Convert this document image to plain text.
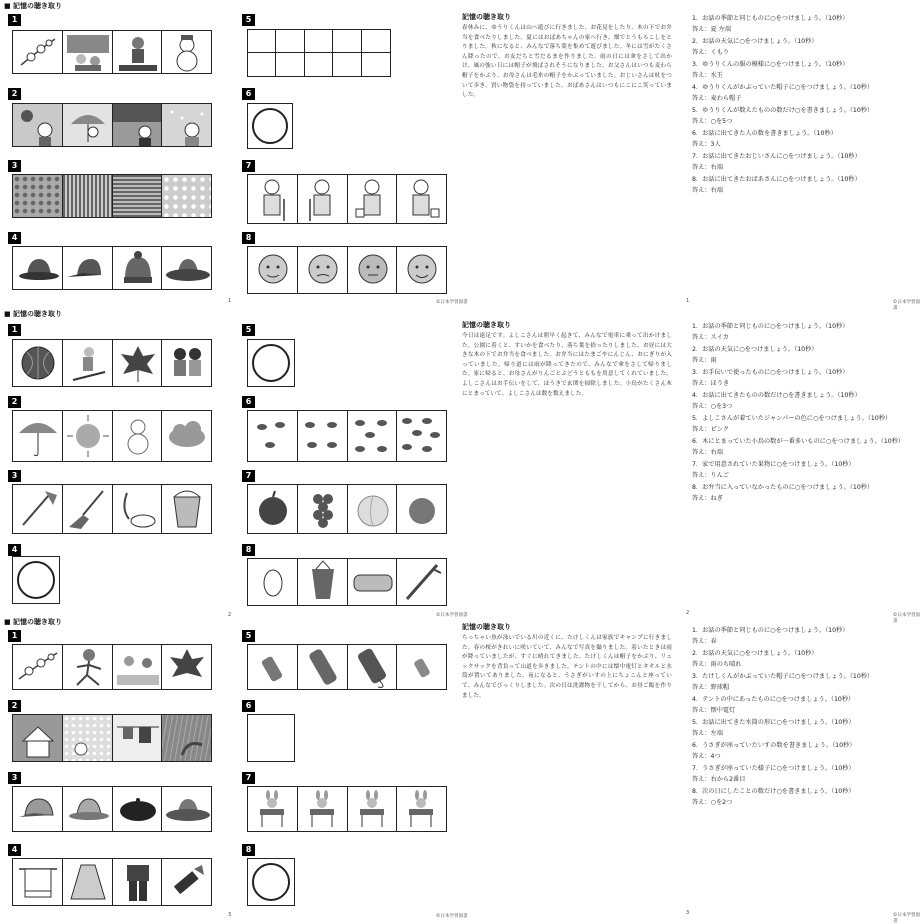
■ 記憶の聴き取り
1
2
3
4
5
6
7
8
1	©日本学習図書
記憶の聴き取り
春休みに、ゆうりくんは山へ遊びに行きました。お花見をしたり、木の下でお弁当を食べたりしました。夏にはおばあちゃんの家へ行き、畑でとうもろこしをとりました。秋になると、みんなで落ち葉を集めて遊びました。冬には雪がたくさん降ったので、お友だちと雪だるまを作りました。雨の日には傘をさして出かけ、風の強い日には帽子が飛ばされそうになりました。お父さんはいつも麦わら帽子をかぶり、お母さんは毛糸の帽子をかぶっていました。おじいさんは杖をついて歩き、買い物袋を持っていました。おばあさんはいつもにこにこ笑っていました。
1．お話の季節と同じものに○をつけましょう。（10秒）
答え：夏 左端
2．お話の天気に○をつけましょう。（10秒）
答え：くもり
3．ゆうりくんの服の模様に○をつけましょう。（10秒）
答え：水玉
4．ゆうりくんがかぶっていた帽子に○をつけましょう。（10秒）
答え：麦わら帽子
5．ゆうりくんが数えたものの数だけ○を書きましょう。（10秒）
答え：○を5つ
6．お話に出てきた人の数を書きましょう。（10秒）
答え：3人
7．お話に出てきたおじいさんに○をつけましょう。（10秒）
答え：右端
8．お話に出てきたおばあさんに○をつけましょう。（10秒）
答え：右端
1	©日本学習図書
■ 記憶の聴き取り
1
2
3
4
5
6
7
8
2	©日本学習図書
記憶の聴き取り
今日は遠足です。よしこさんは朝早く起きて、みんなで電車に乗って出かけました。公園に着くと、すいかを食べたり、落ち葉を拾ったりしました。お昼には大きな木の下でお弁当を食べました。お弁当にはたまごやにんじん、おにぎりが入っていました。帰り道には雨が降ってきたので、みんなで傘をさして帰りました。家に帰ると、お母さんがりんごとぶどうとももを用意してくれていました。よしこさんはお手伝いをして、ほうきで玄関を掃除しました。小鳥がたくさん木にとまっていて、よしこさんは数を数えました。
1．お話の季節と同じものに○をつけましょう。（10秒）
答え：スイカ
2．お話の天気に○をつけましょう。（10秒）
答え：雨
3．お手伝いで使ったものに○をつけましょう。（10秒）
答え：ほうき
4．お話に出てきたものの数だけ○を書きましょう。（10秒）
答え：○を3つ
5．よしこさんが着ていたジャンパーの色に○をつけましょう。（10秒）
答え：ピンク
6．木にとまっていた小鳥の数が一番多いものに○をつけましょう。（10秒）
答え：右端
7．家で用意されていた果物に○をつけましょう。（10秒）
答え：りんご
8．お弁当に入っていなかったものに○をつけましょう。（10秒）
答え：ねぎ
2	©日本学習図書
■ 記憶の聴き取り
1
2
3
4
5
6
7
8
3	©日本学習図書
記憶の聴き取り
ちっちゃい魚が泳いでいる川の近くに、たけしくんは家族でキャンプに行きました。春の桜がきれいに咲いていて、みんなで写真を撮りました。着いたときは雨が降っていましたが、すぐに晴れてきました。たけしくんは帽子をかぶり、リュックサックを背負って山道を歩きました。テントの中には懐中電灯とタオルと水筒が置いてありました。夜になると、うさぎがいすの上にちょこんと座っていて、みんなでびっくりしました。次の日は洗濯物を干してから、お昼ご飯を作りました。
1．お話の季節と同じものに○をつけましょう。（10秒）
答え：春
2．お話の天気に○をつけましょう。（10秒）
答え：雨のち晴れ
3．たけしくんがかぶっていた帽子に○をつけましょう。（10秒）
答え：野球帽
4．テントの中にあったものに○をつけましょう。（10秒）
答え：懐中電灯
5．お話に出てきた水筒の形に○をつけましょう。（10秒）
答え：左端
6．うさぎが座っていたいすの数を書きましょう。（10秒）
答え：4つ
7．うさぎが座っていた様子に○をつけましょう。（10秒）
答え：右から2番目
8．次の日にしたことの数だけ○を書きましょう。（10秒）
答え：○を2つ
3	©日本学習図書
